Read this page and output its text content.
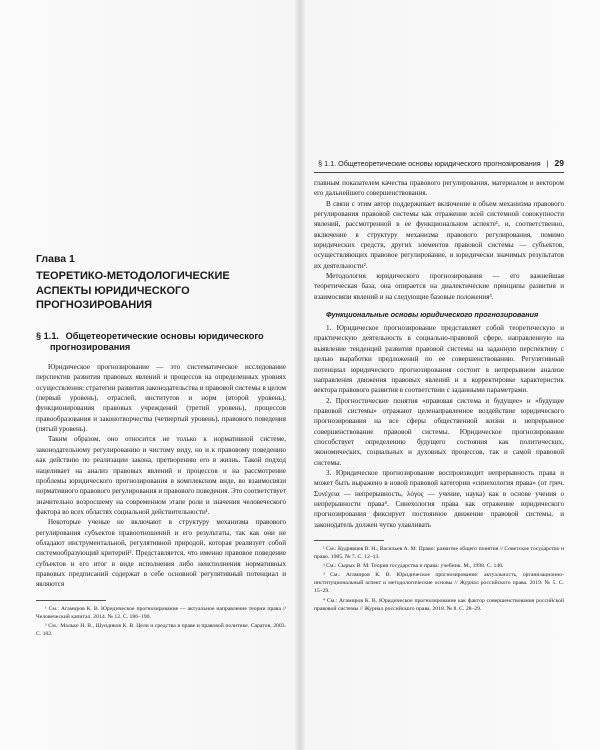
Глава 1
ТЕОРЕТИКО-МЕТОДОЛОГИЧЕСКИЕ АСПЕКТЫ ЮРИДИЧЕСКОГО ПРОГНОЗИРОВАНИЯ
§ 1.1. Общетеоретические основы юридического прогнозирования

Юридическое прогнозирование — это систематическое исследование перспектив развития правовых явлений и процессов на определенных уровнях осуществления: стратегии развития законодательства и правовой системы в целом (первый уровень), отраслей, институтов и норм (второй уровень), функционирования правовых учреждений (третий уровень), процессов правообразования и законотворчества (четвертый уровень), правового поведения (пятый уровень).

Таким образом, оно относится не только к нормативной системе, законодательному регулированию и чистому виду, но и к правовому поведению как действию по реализации закона, претворению его в жизнь. Такой подход нацеливает на анализ правовых явлений и процессов и на рассмотрение проблемы юридического прогнозирования в комплексном виде, во взаимосвязи нормативного правового регулирования и правового поведения. Это соответствует значительно возросшему на современном этапе роли и значения человеческого фактора во всех областях социальной действительности¹.

Некоторые ученые не включают в структуру механизма правового регулирования субъектов правоотношений и его результаты, так как они не обладают инструментальной, регулятивной природой, которая реализует собой системообразующий критерий². Представляется, что именно правовое поведение субъектов и его итог в виде исполнения либо неисполнения нормативных правовых предписаний содержат в себе основной регулятивный потенциал и являются

¹ См.: Агамиров К. В. Юридическое прогнозирование — актуальное направление теории права // Человеческий капитал. 2014. № 12. С. 186–190.

² См.: Малько Н. В., Шундиков К. В. Цели и средства в праве и правовой политике. Саратов, 2003. С. 102.

§ 1.1. Общетеоретические основы юридического прогнозирования | 29

главным показателем качества правового регулирования, материалом и вектором его дальнейшего совершенствования.

В связи с этим автор поддерживает включение в объем механизма правового регулирования правовой системы как отражение всей системной совокупности явлений, рассмотренной в ее функциональном аспекте¹, и, соответственно, включение в структуру механизма правового регулирования, помимо юридических средств, других элементов правовой системы — субъектов, осуществляющих правовое регулирование, и юридически значимых результатов их деятельности².

Методология юридического прогнозирования — его важнейшая теоретическая база, она опирается на диалектические принципы развития и взаимосвязи явлений и на следующие базовые положения³.

Функциональные основы юридического прогнозирования

1. Юридическое прогнозирование представляет собой теоретическую и практическую деятельность в социально-правовой сфере, направленную на выявление тенденций развития правовой системы на заданную перспективу с целью выработки предложений по ее совершенствованию. Регулятивный потенциал юридического прогнозирования состоит в непрерывном анализе направления движения правовых явлений и в корректировке характеристик вектора правового развития в соответствии с заданными параметрами.

2. Прогностические понятия «правовая система и будущее» и «будущее правовой системы» отражают целенаправленное воздействие юридического прогнозирования на все сферы общественной жизни и непрерывное совершенствование правовой системы. Юридическое прогнозирование способствует определению будущего состояния как политических, экономических, социальных и духовных процессов, так и самой правовой системы.

3. Юридическое прогнозирование воспроизводит непрерывность права и может быть выражено в новой правовой категории «синехология права» (от греч. Συνέχεια — непрерывность, λόγος — учение, наука) как в основе учения о непрерывности права⁴. Синехология права как отражение юридического прогнозирования фиксирует постоянное движение правовой системы, и законодатель должен чутко улавливать

¹ См.: Кудрявцев В. Н., Васильев А. М. Право: развитие общего понятия // Советское государство и право. 1985. № 7. С. 12–13.

² См.: Сырых В. М. Теория государства и права: учебник. М., 1998. С. 146.

³ См.: Агамиров К. В. Юридическое прогнозирование: актуальность, организационно-институциональный аспект и методологические основы // Журнал российского права. 2019. № 5. С. 15–29.

⁴ См.: Агамиров К. В. Юридическое прогнозирование как фактор совершенствования российской правовой системы // Журнал российского права. 2018. № 8. С. 28–29.
